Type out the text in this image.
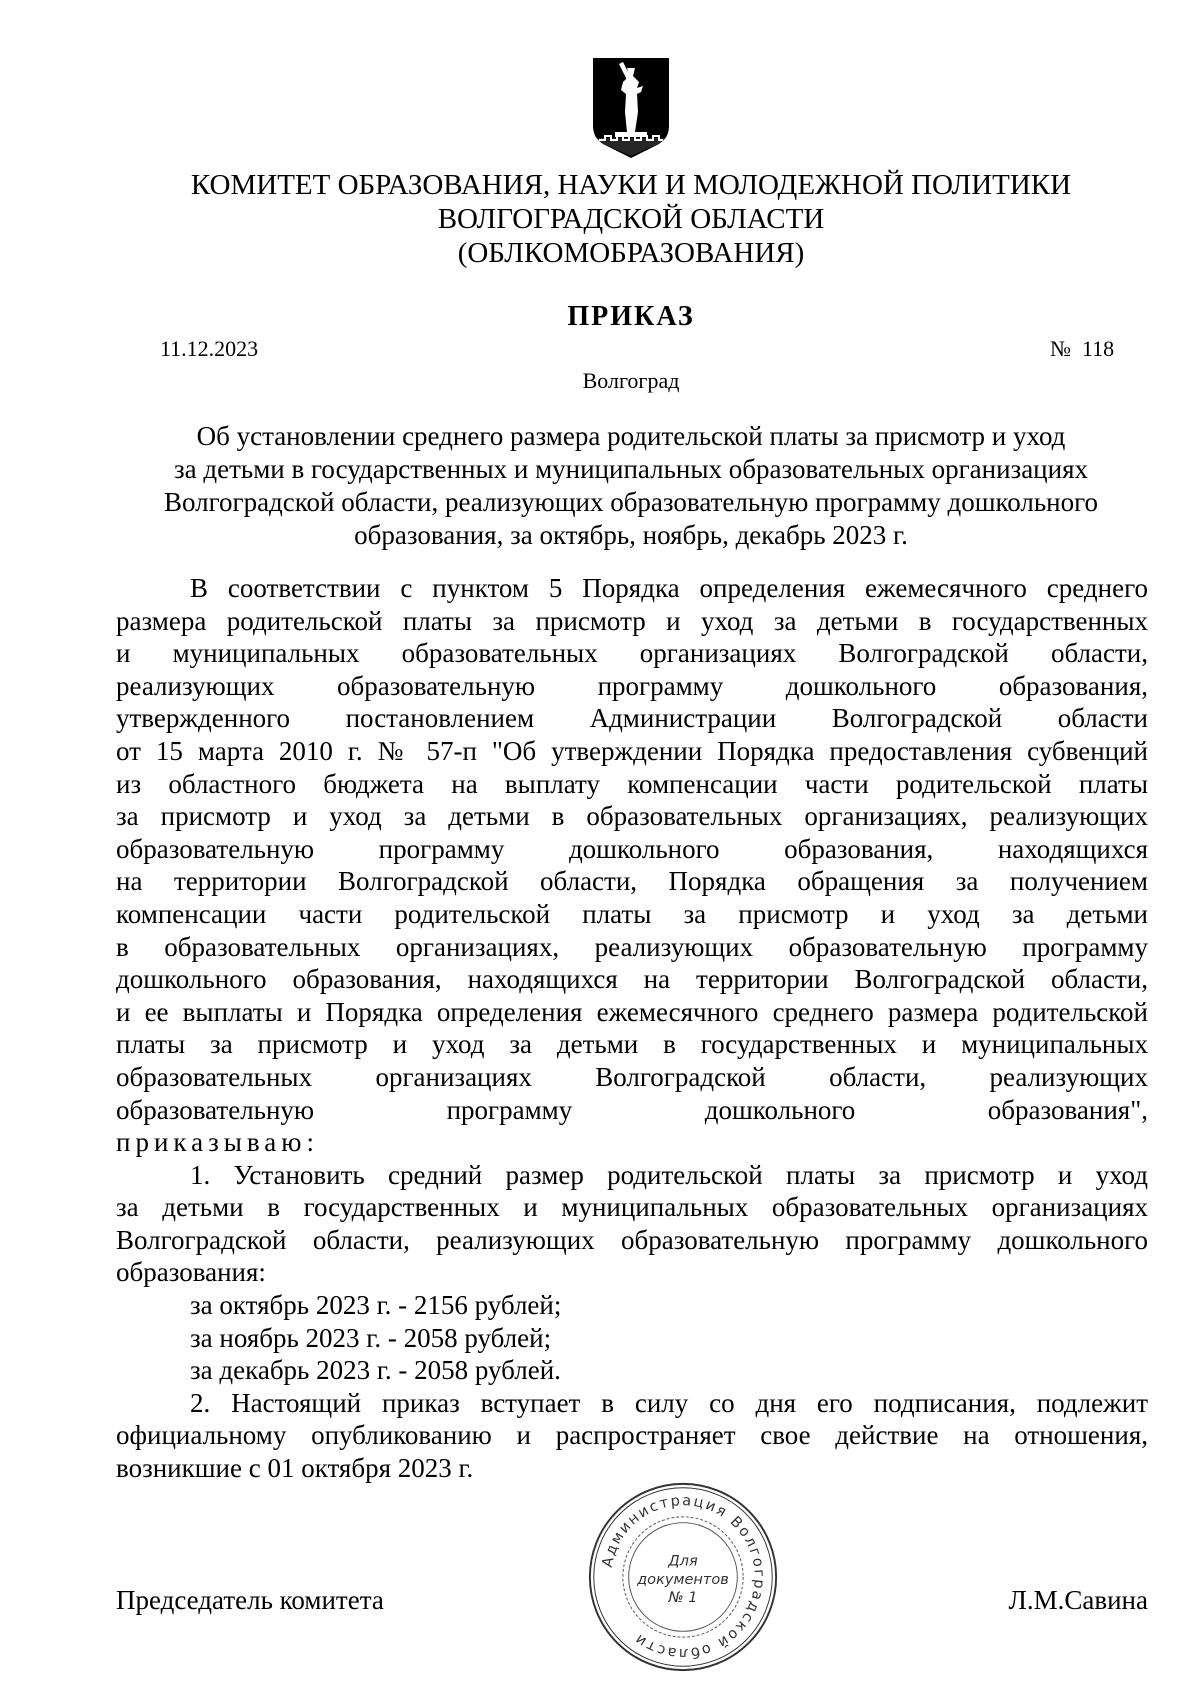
КОМИТЕТ ОБРАЗОВАНИЯ, НАУКИ И МОЛОДЕЖНОЙ ПОЛИТИКИ
ВОЛГОГРАДСКОЙ ОБЛАСТИ
(ОБЛКОМОБРАЗОВАНИЯ)
ПРИКАЗ
11.12.2023	№  118
Волгоград
Об установлении среднего размера родительской платы за присмотр и уход
за детьми в государственных и муниципальных образовательных организациях
Волгоградской области, реализующих образовательную программу дошкольного
образования, за октябрь, ноябрь, декабрь 2023 г.
В соответствии с пунктом 5 Порядка определения ежемесячного среднего
размера родительской платы за присмотр и уход за детьми в государственных
и муниципальных образовательных организациях Волгоградской области,
реализующих образовательную программу дошкольного образования,
утвержденного постановлением Администрации Волгоградской области
от 15 марта 2010 г. № 57-п "Об утверждении Порядка предоставления субвенций
из областного бюджета на выплату компенсации части родительской платы
за присмотр и уход за детьми в образовательных организациях, реализующих
образовательную программу дошкольного образования, находящихся
на территории Волгоградской области, Порядка обращения за получением
компенсации части родительской платы за присмотр и уход за детьми
в образовательных организациях, реализующих образовательную программу
дошкольного образования, находящихся на территории Волгоградской области,
и ее выплаты и Порядка определения ежемесячного среднего размера родительской
платы за присмотр и уход за детьми в государственных и муниципальных
образовательных организациях Волгоградской области, реализующих
образовательную программу дошкольного образования",
приказываю:
1. Установить средний размер родительской платы за присмотр и уход
за детьми в государственных и муниципальных образовательных организациях
Волгоградской области, реализующих образовательную программу дошкольного
образования:
за октябрь 2023 г. - 2156 рублей;
за ноябрь 2023 г. - 2058 рублей;
за декабрь 2023 г. - 2058 рублей.
2. Настоящий приказ вступает в силу со дня его подписания, подлежит
официальному опубликованию и распространяет свое действие на отношения,
возникшие с 01 октября 2023 г.
Председатель комитета	Л.М.Савина
Администрация Волгоградской области
Для
документов
№ 1
